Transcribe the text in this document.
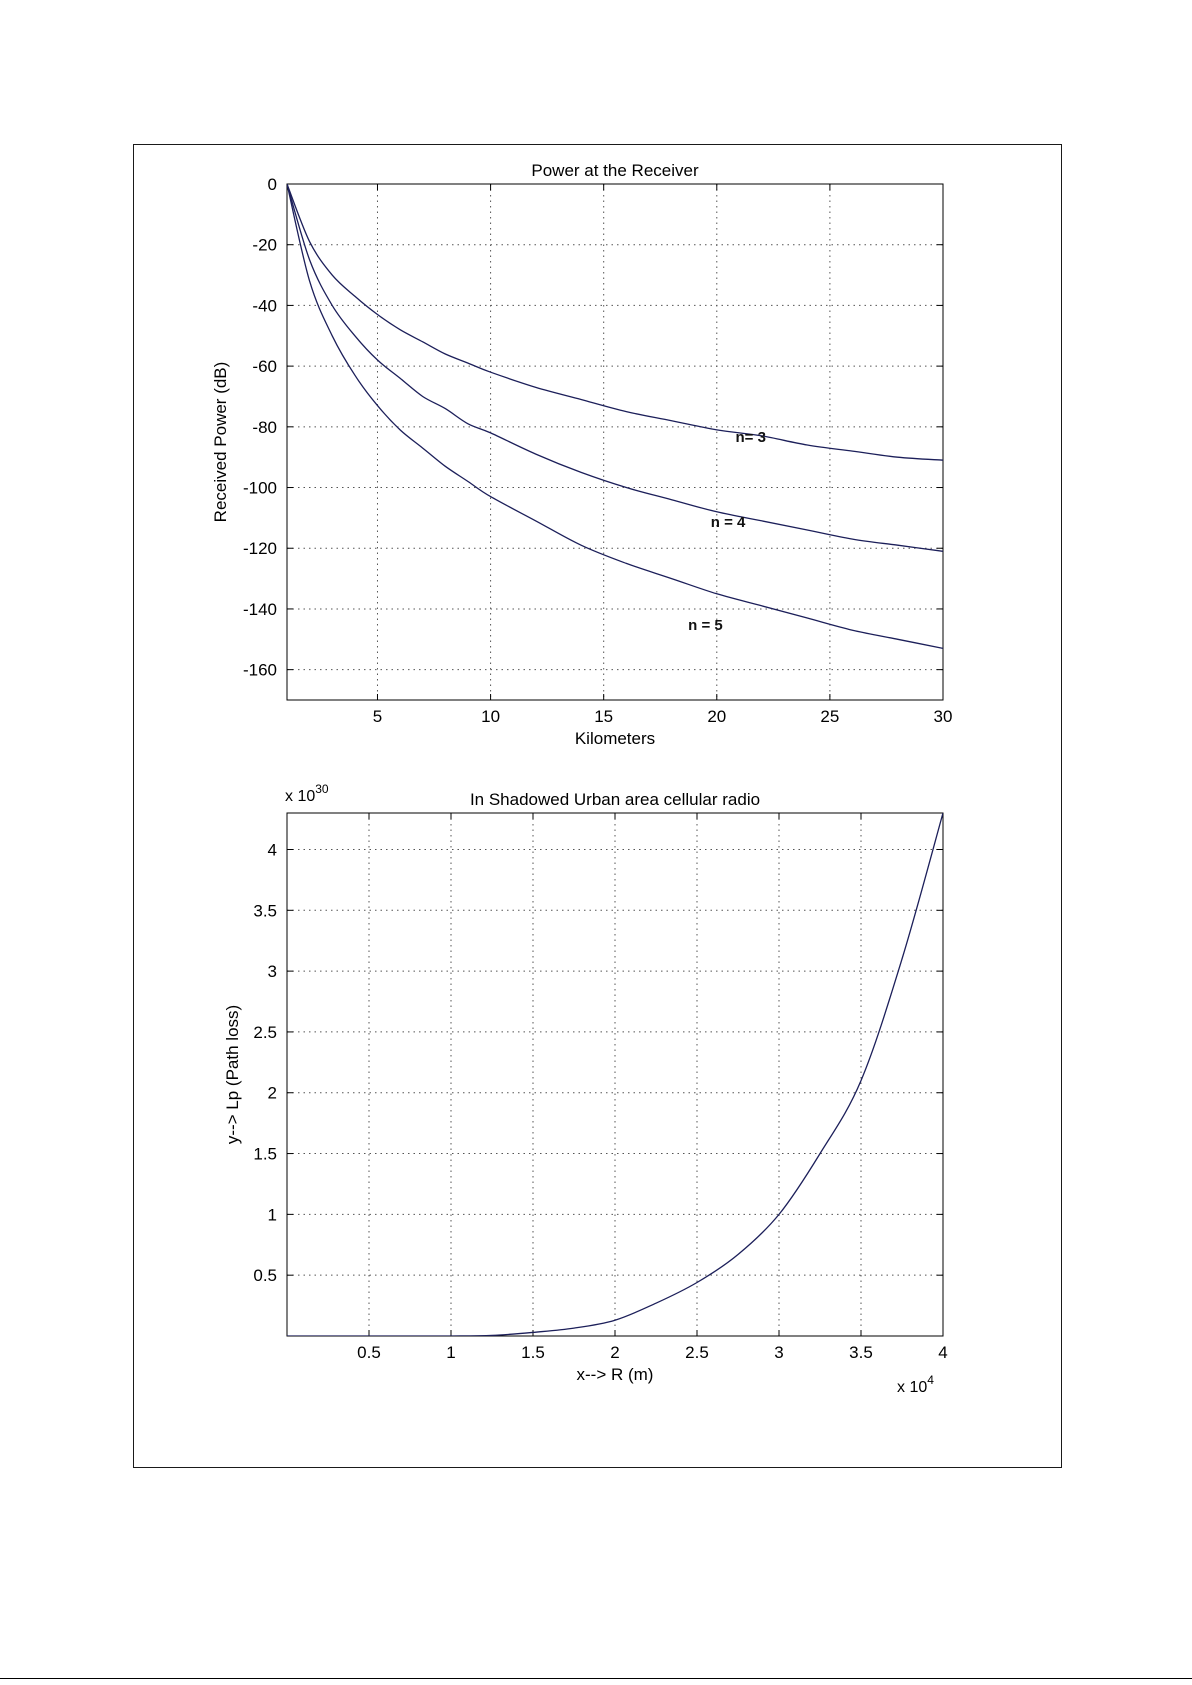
5	10	15	20	25	30
0
-20
-40
-60
-80
-100
-120
-140
-160
Power at the Receiver
Kilometers
Received Power (dB)	n= 3
n = 4
n = 5
0.5	1	1.5	2	2.5	3	3.5	4
0.5
1
1.5
2
2.5
3
3.5
4
In Shadowed Urban area cellular radio
x--> R (m)
y--> Lp (Path loss)
x $10^{30}$
x $10^4$
